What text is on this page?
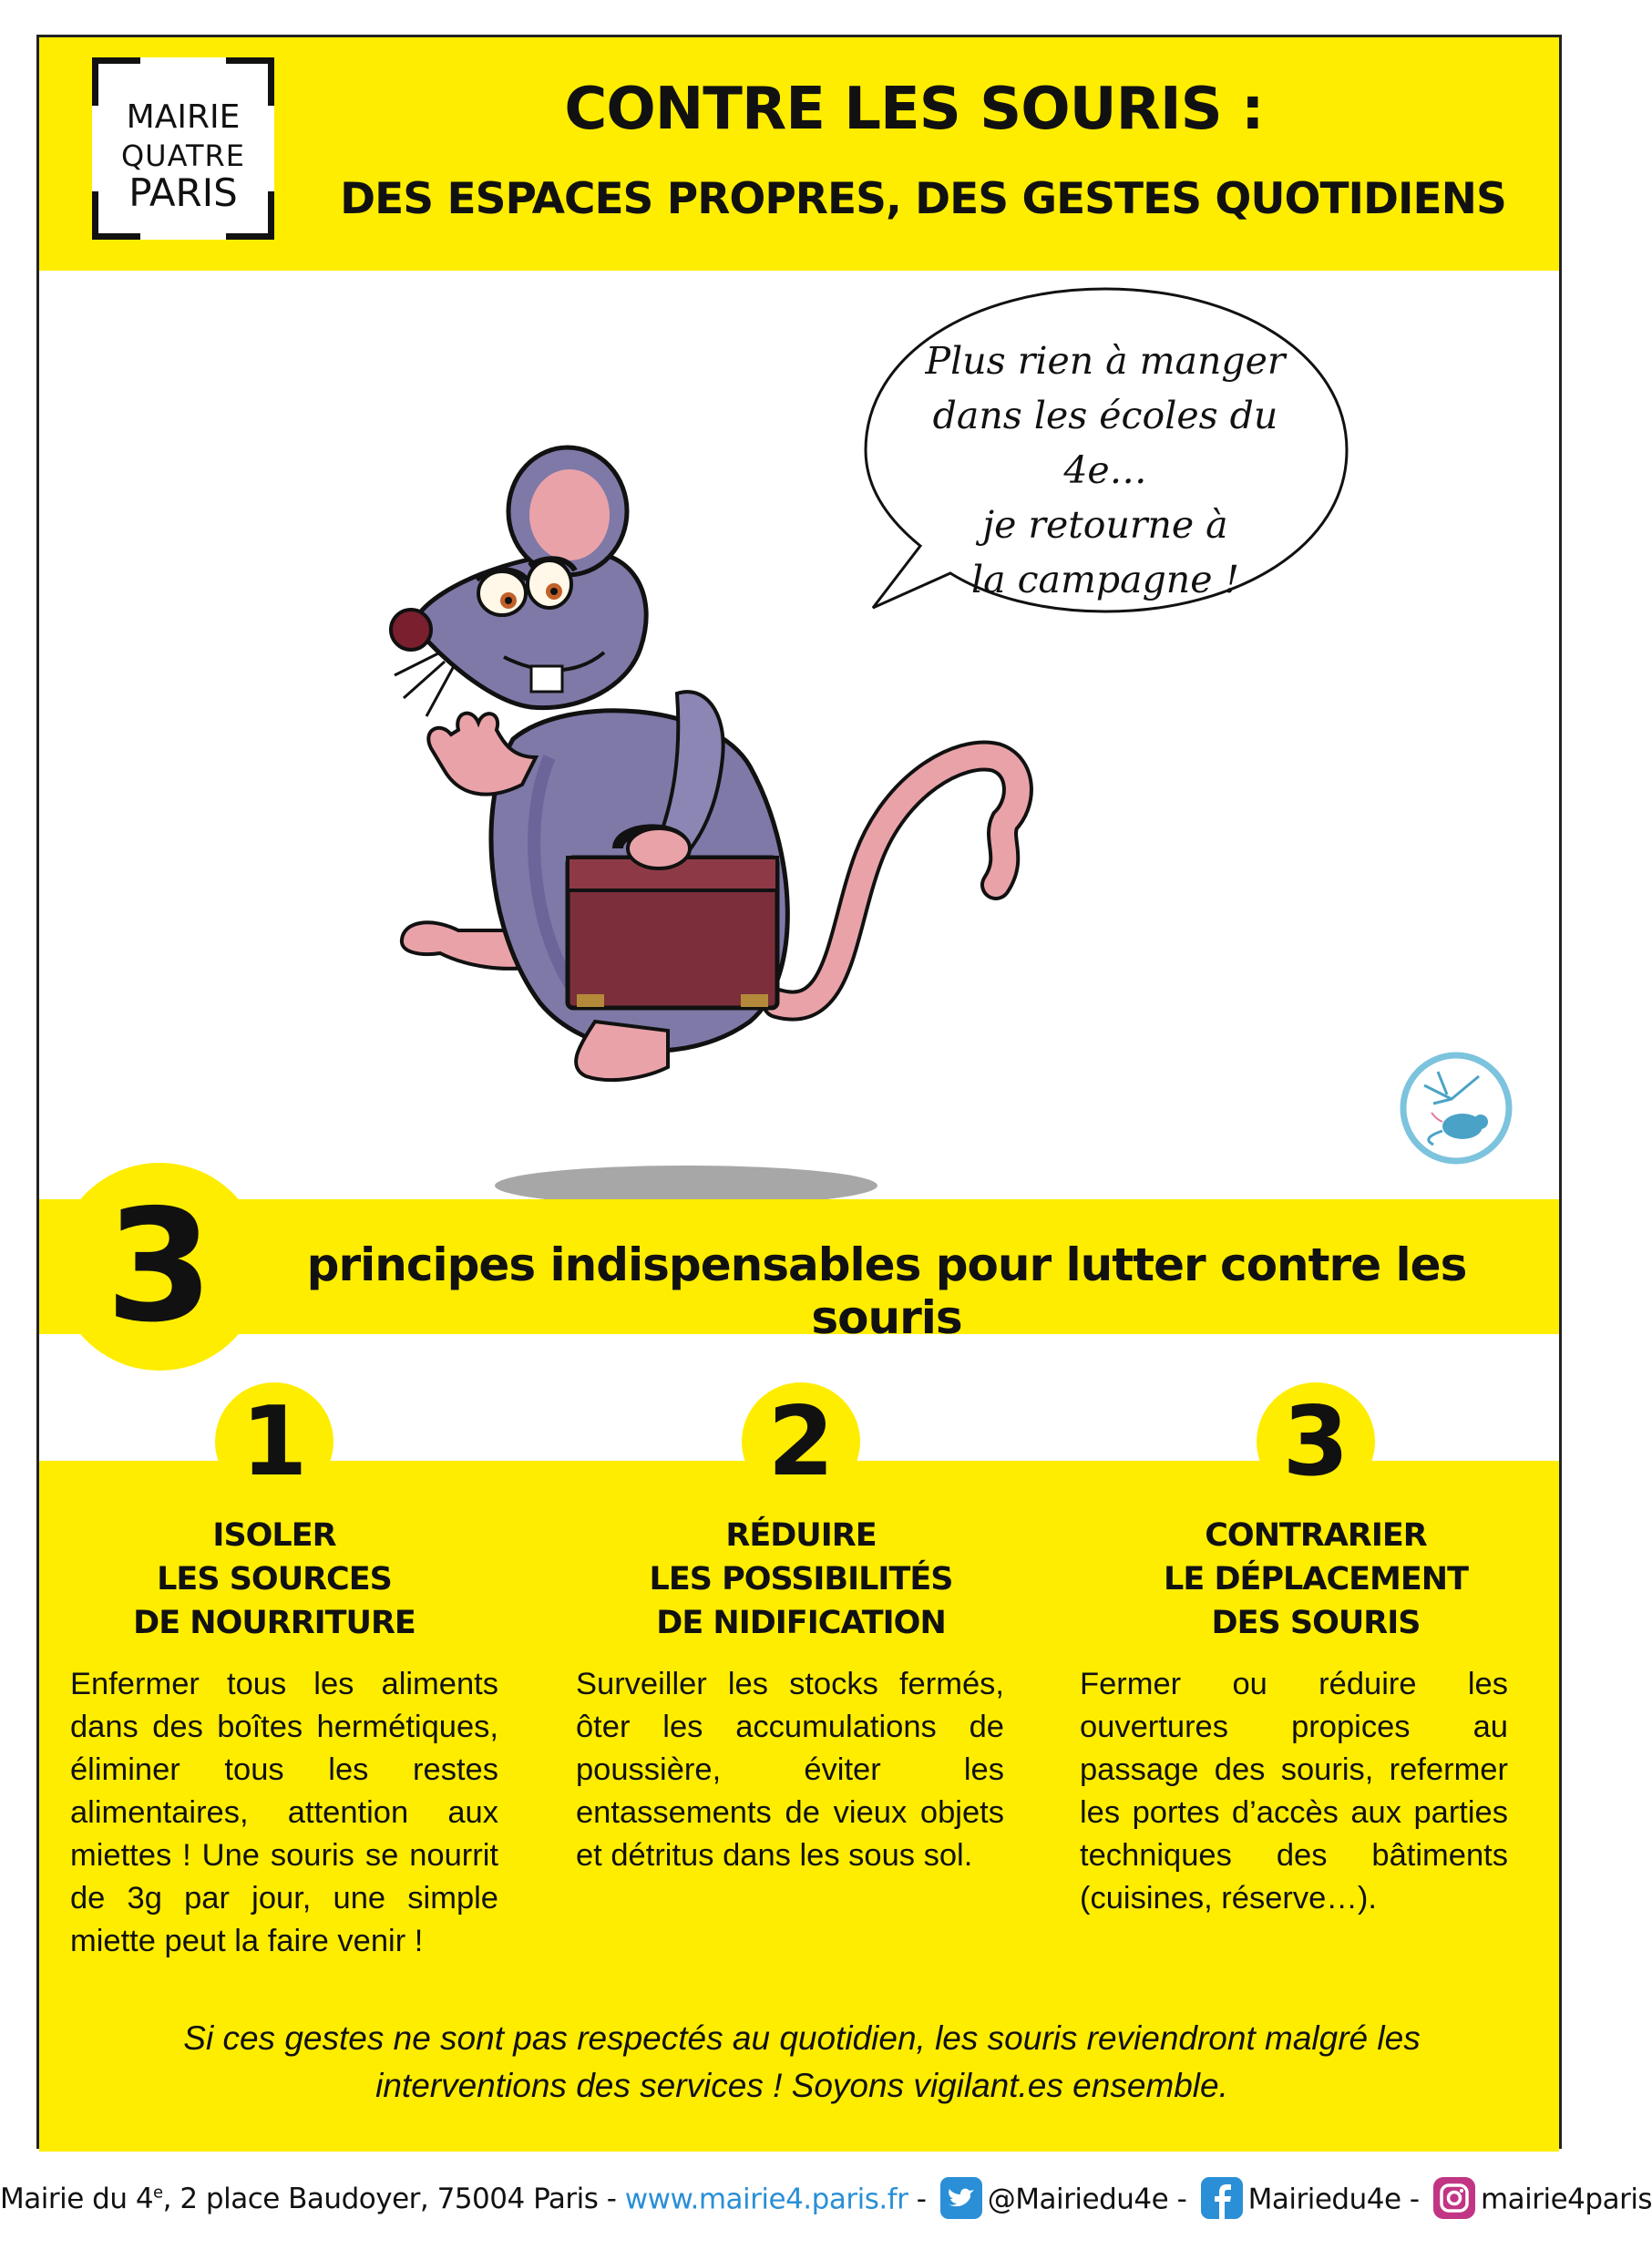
MAIRIE
QUATRE
PARIS
CONTRE LES SOURIS :
DES ESPACES PROPRES, DES GESTES QUOTIDIENS
Plus rien à manger
dans les écoles du 4e…
je retourne à
la campagne !
3	principes indispensables pour lutter contre les souris
1
ISOLER
LES SOURCES
DE NOURRITURE
Enfermer tous les aliments dans des boîtes hermétiques, éliminer tous les restes alimentaires, attention aux miettes ! Une souris se nourrit de 3g par jour, une simple miette peut la faire venir !
2
RÉDUIRE
LES POSSIBILITÉS
DE NIDIFICATION
Surveiller les stocks fermés, ôter les accumulations de poussière, éviter les entassements de vieux objets et détritus dans les sous sol.
3
CONTRARIER
LE DÉPLACEMENT
DES SOURIS
Fermer ou réduire les ouvertures propices au passage des souris, refermer les portes d’accès aux parties techniques des bâtiments (cuisines, réserve…).
Si ces gestes ne sont pas respectés au quotidien, les souris reviendront malgré les
interventions des services ! Soyons vigilant.es ensemble.
Mairie du 4e, 2 place Baudoyer, 75004 Paris - www.mairie4.paris.fr - @Mairiedu4e - Mairiedu4e - mairie4paris
